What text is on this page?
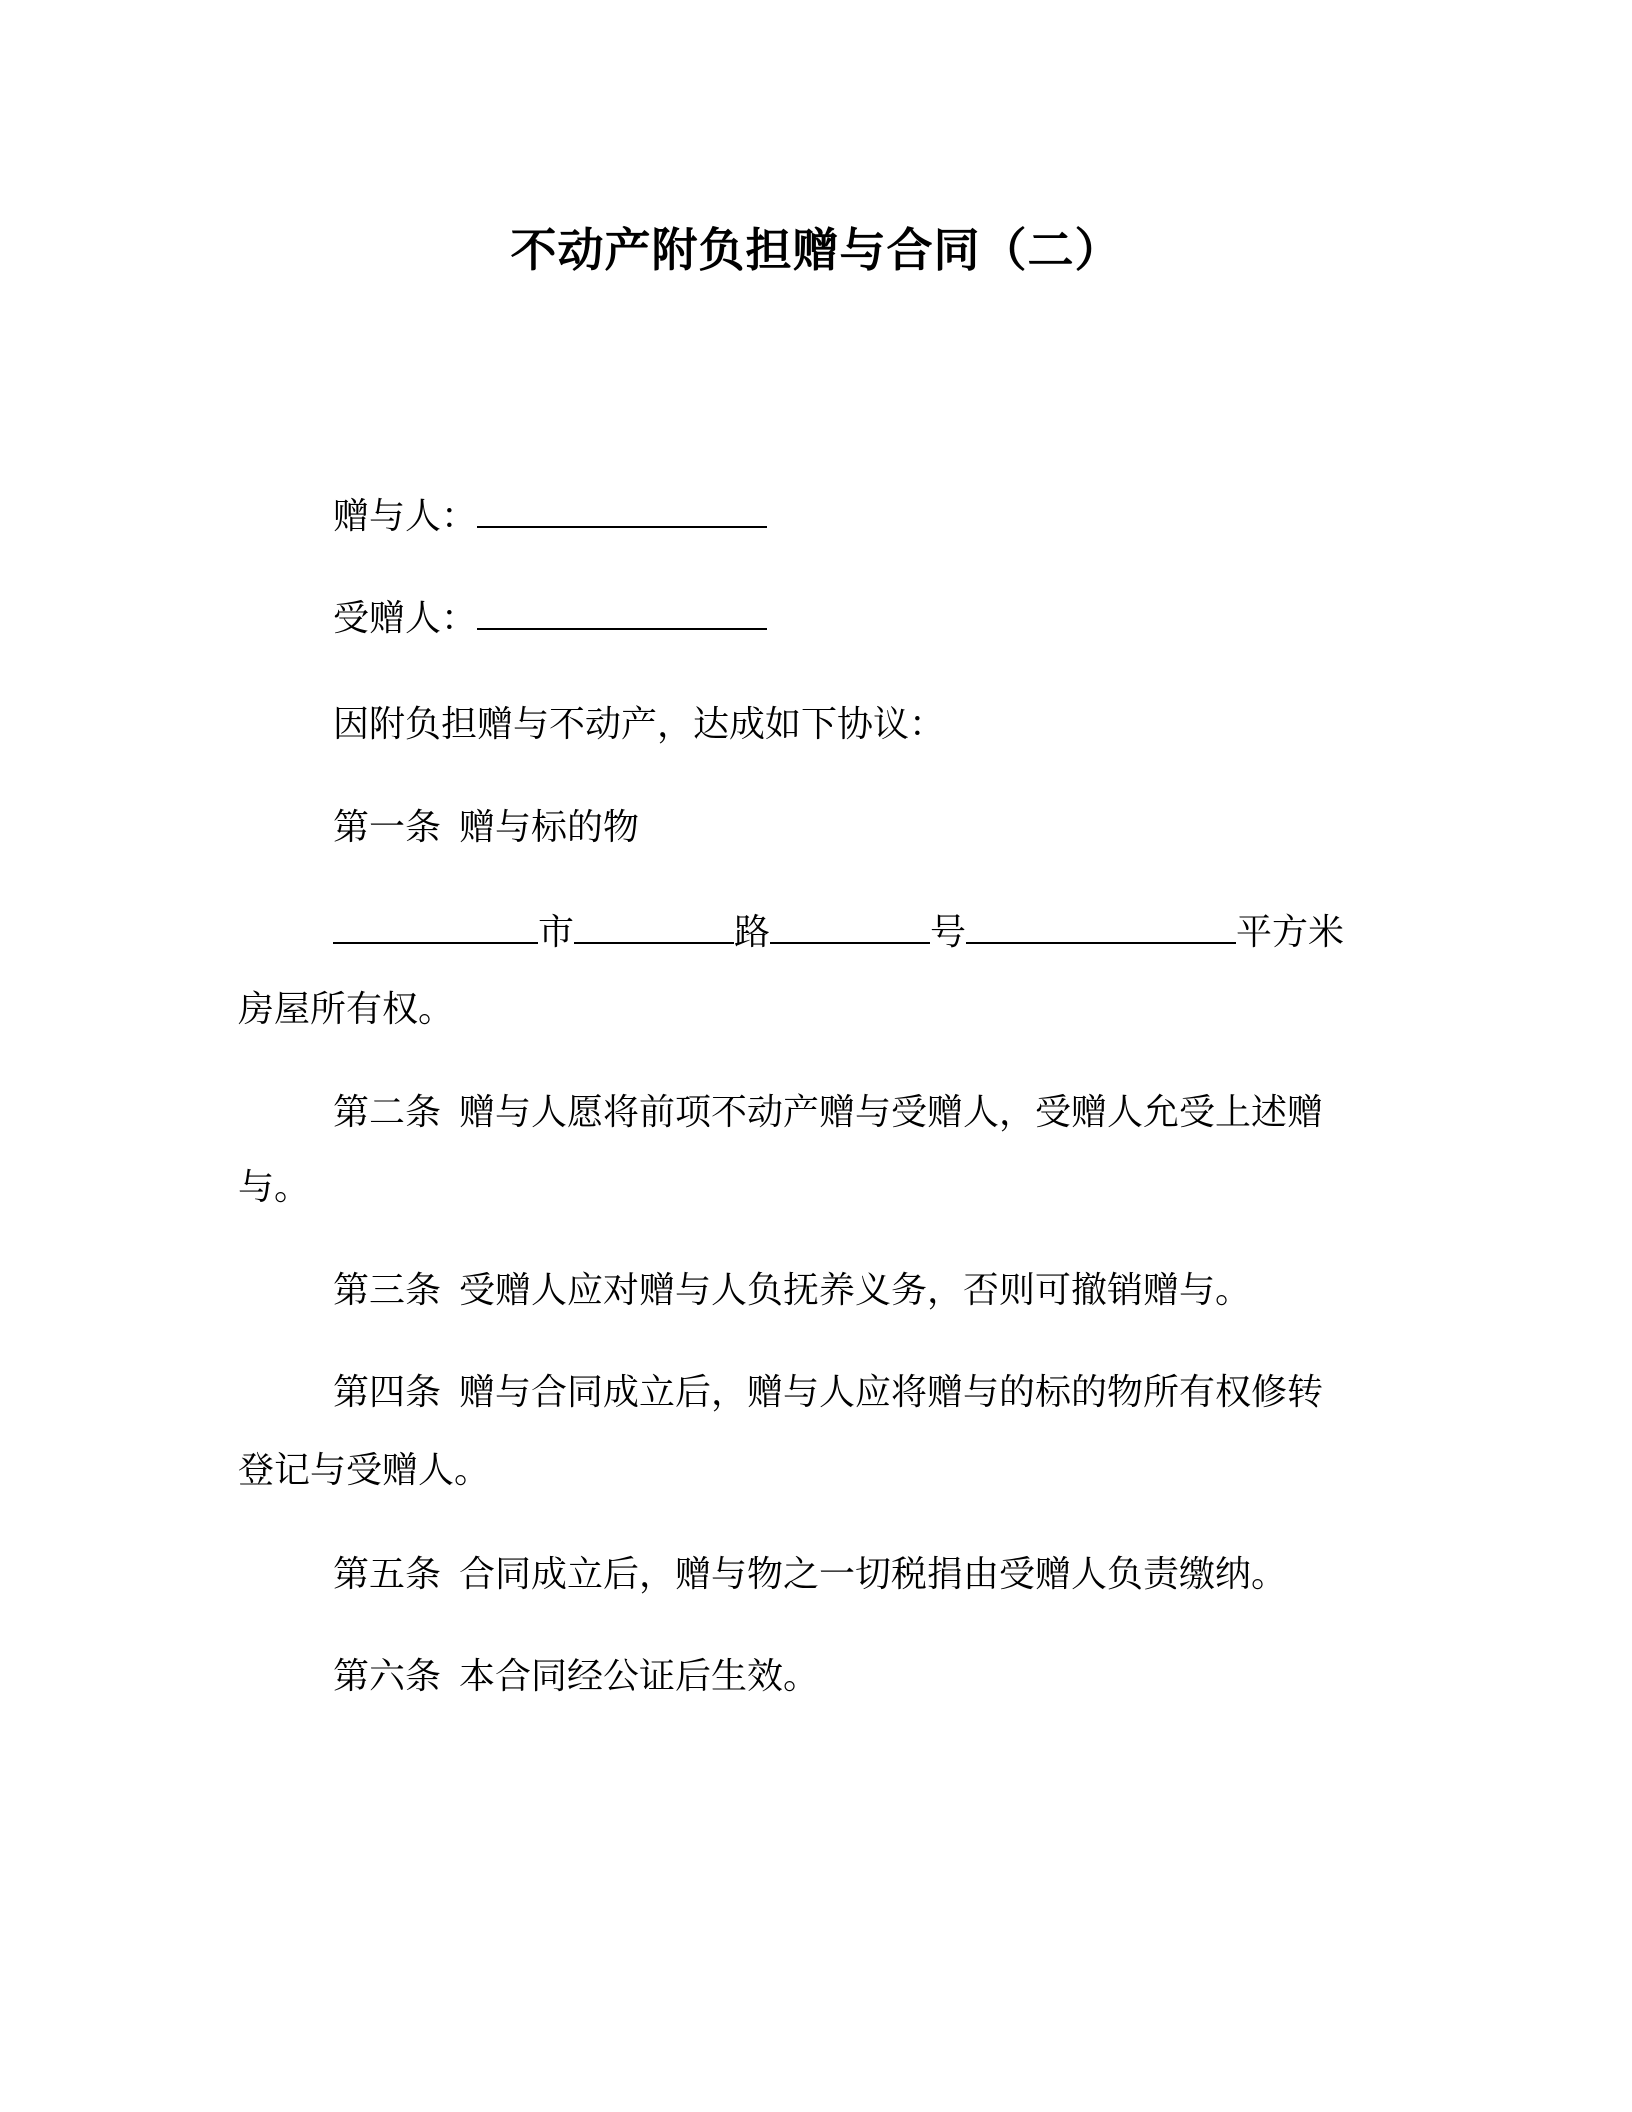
不动产附负担赠与合同（二）
赠与人：
受赠人：
因附负担赠与不动产，达成如下协议：
第一条 赠与标的物
市	路	号	平方米
房屋所有权。
第二条 赠与人愿将前项不动产赠与受赠人，受赠人允受上述赠
与。
第三条 受赠人应对赠与人负抚养义务，否则可撤销赠与。
第四条 赠与合同成立后，赠与人应将赠与的标的物所有权修转
登记与受赠人。
第五条 合同成立后，赠与物之一切税捐由受赠人负责缴纳。
第六条 本合同经公证后生效。
